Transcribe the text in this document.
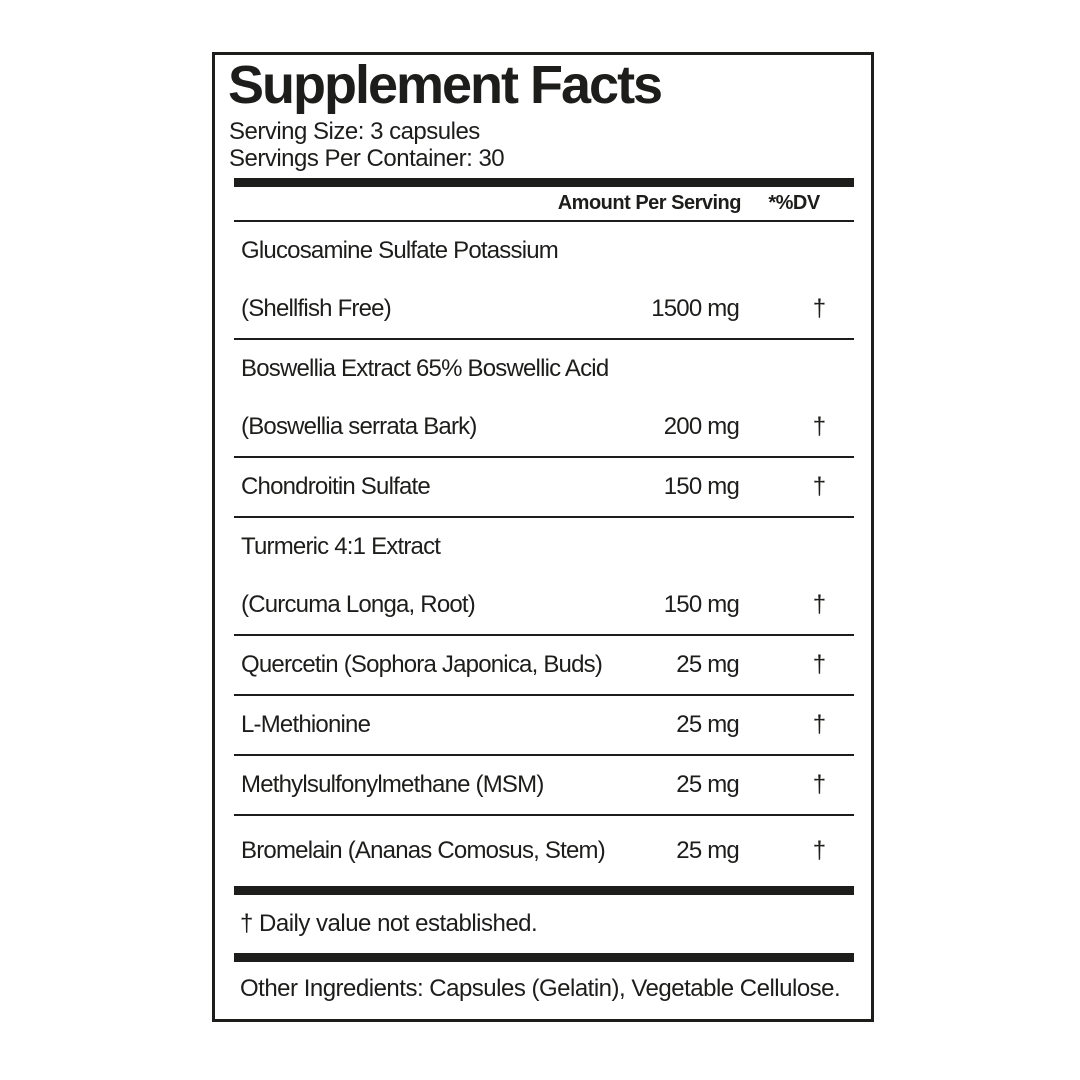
Supplement Facts
Serving Size: 3 capsules
Servings Per Container: 30
Amount Per Serving	*%DV
Glucosamine Sulfate Potassium
(Shellfish Free)	1500 mg	†
Boswellia Extract 65% Boswellic Acid
(Boswellia serrata Bark)	200 mg	†
Chondroitin Sulfate	150 mg	†
Turmeric 4:1 Extract
(Curcuma Longa, Root)	150 mg	†
Quercetin (Sophora Japonica, Buds)	25 mg	†
L-Methionine	25 mg	†
Methylsulfonylmethane (MSM)	25 mg	†
Bromelain (Ananas Comosus, Stem)	25 mg	†
† Daily value not established.
Other Ingredients: Capsules (Gelatin), Vegetable Cellulose.
